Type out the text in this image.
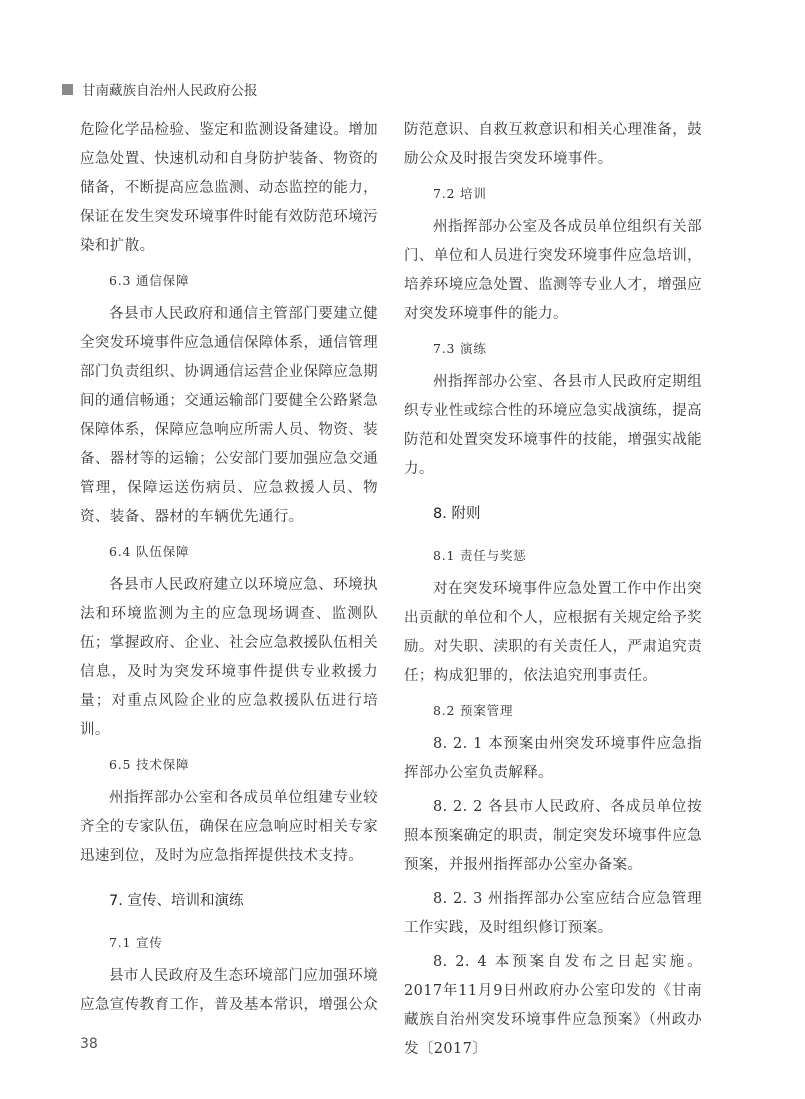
甘南藏族自治州人民政府公报

危险化学品检验、鉴定和监测设备建设。增加应急处置、快速机动和自身防护装备、物资的储备，不断提高应急监测、动态监控的能力，保证在发生突发环境事件时能有效防范环境污染和扩散。

6.3 通信保障

各县市人民政府和通信主管部门要建立健全突发环境事件应急通信保障体系，通信管理部门负责组织、协调通信运营企业保障应急期间的通信畅通；交通运输部门要健全公路紧急保障体系，保障应急响应所需人员、物资、装备、器材等的运输；公安部门要加强应急交通管理，保障运送伤病员、应急救援人员、物资、装备、器材的车辆优先通行。

6.4 队伍保障

各县市人民政府建立以环境应急、环境执法和环境监测为主的应急现场调查、监测队伍；掌握政府、企业、社会应急救援队伍相关信息，及时为突发环境事件提供专业救援力量；对重点风险企业的应急救援队伍进行培训。

6.5 技术保障

州指挥部办公室和各成员单位组建专业较齐全的专家队伍，确保在应急响应时相关专家迅速到位，及时为应急指挥提供技术支持。

7. 宣传、培训和演练
7.1 宣传

县市人民政府及生态环境部门应加强环境应急宣传教育工作，普及基本常识，增强公众

防范意识、自救互救意识和相关心理准备，鼓励公众及时报告突发环境事件。

7.2 培训

州指挥部办公室及各成员单位组织有关部门、单位和人员进行突发环境事件应急培训，培养环境应急处置、监测等专业人才，增强应对突发环境事件的能力。

7.3 演练

州指挥部办公室、各县市人民政府定期组织专业性或综合性的环境应急实战演练，提高防范和处置突发环境事件的技能，增强实战能力。

8. 附则
8.1 责任与奖惩

对在突发环境事件应急处置工作中作出突出贡献的单位和个人，应根据有关规定给予奖励。对失职、渎职的有关责任人，严肃追究责任；构成犯罪的，依法追究刑事责任。

8.2 预案管理

8. 2. 1 本预案由州突发环境事件应急指挥部办公室负责解释。

8. 2. 2 各县市人民政府、各成员单位按照本预案确定的职责，制定突发环境事件应急预案，并报州指挥部办公室办备案。

8. 2. 3 州指挥部办公室应结合应急管理工作实践，及时组织修订预案。

8. 2. 4 本预案自发布之日起实施。2017年11月9日州政府办公室印发的《甘南藏族自治州突发环境事件应急预案》（州政办发〔2017〕

38
